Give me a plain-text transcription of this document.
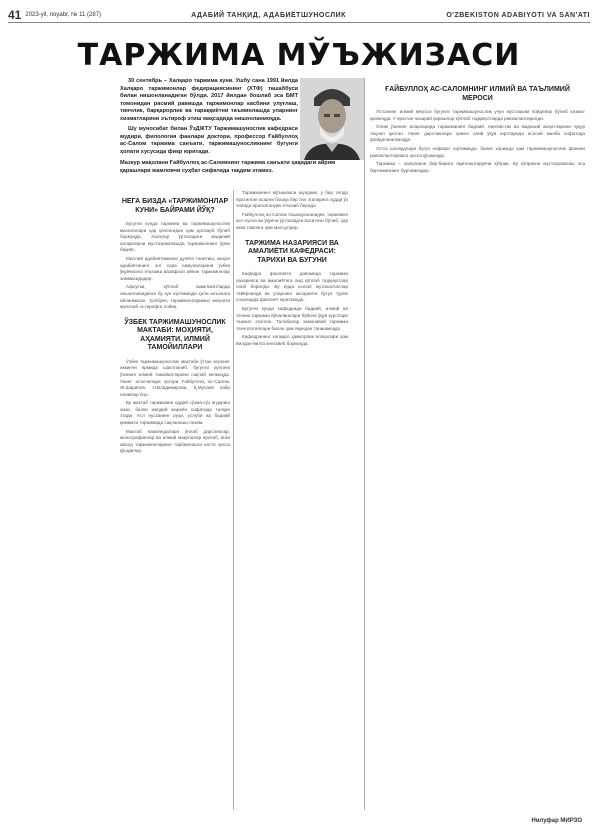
41 2023-yil, noyabr, № 11 (287)	АДАБИЙ ТАНҚИД, АДАБИЁТШУНОСЛИК	O'ZBEKISTON ADABIYOTI VA SAN'ATI
ТАРЖИМА МЎЪЖИЗАСИ

30 сентябрь – Халқаро таржима куни. Ушбу сана 1991 йилда Халқаро таржимонлар федерациясининг (ХТФ) ташаббуси билан нишонланадиган бўлди. 2017 йилдан бошлаб эса БМТ томонидан расмий равишда таржимонлар касбини улуғлаш, тинчлик, барқарорлик ва тараққиётни таъминлашда уларнинг хизматларини эътироф этиш мақсадида нишонланмоқда.

Шу муносабат билан ЎзДЖТУ Таржимашунослик кафедраси мудири, филология фанлари доктори, профессор Ғайбуллоҳ ас-Салом таржима санъати, таржимашуносликнинг бугунги ҳолати хусусида фикр юритади.

Мазкур мақолани Ғайбуллоҳ ас-Саломнинг таржима санъати ҳақидаги айрим қарашлари жамловчи суҳбат сифатида тақдим этамиз.
НЕГА БИЗДА «ТАРЖИМОНЛАР КУНИ» БАЙРАМИ ЙЎҚ?

Бугунги кунда таржима ва таржимашунослик масалалари ҳар қачонгидан ҳам долзарб бўлиб бормоқда. Халқлар ўртасидаги маданий алоқаларни мустаҳкамлашда таржимоннинг ўрни беқиёс.

Миллий адабиётимизни дунёга танитиш, жаҳон адабиётининг энг сара намуналарини ўзбек ўқувчисига етказиш вазифаси айнан таржимонлар зиммасидадир.

Афсуски, кўплаб мамлакатларда нишонланадиган бу кун юртимизда ҳали анъанага айланмаган. Ҳолбуки, таржимонларимиз меҳнати муносиб эътирофга лойиқ.

ЎЗБЕК ТАРЖИМАШУНОСЛИК МАКТАБИ: МОҲИЯТИ, АҲАМИЯТИ, ИЛМИЙ ТАМОЙИЛЛАРИ

Ўзбек таржимашунослик мактаби ўтган асрнинг иккинчи ярмида шаклланиб, бугунги кунгача ўзининг илмий тамойилларини сақлаб келмоқда. Унинг асосчилари қатори Ғайбуллоҳ ас-Салом, Ж.Шарипов, Н.Владимирова, Қ.Мусаев каби олимлар бор.

Бу мактаб таржимани оддий сўзма-сўз ағдариш эмас, балки ижодий жараён сифатида талқин этади. Асл нусханинг руҳи, услуби ва бадиий қиммати таржимада сақланиши лозим.

Мактаб намояндалари ўнлаб дарсликлар, монографиялар ва илмий мақолалар яратиб, янги авлод таржимонларини тарбиялашга катта ҳисса қўшдилар.

Таржиманинг мўъжизаси шундаки, у бир тилда яратилган асарни бошқа бир тил эгаларига худди ўз тилида яратилгандек етказиб беради.

Ғайбуллоҳ ас-Салом таъкидлаганидек, таржимон асл нусха ва ўқувчи ўртасидаги воситачи бўлиб, ҳар икки томонга ҳам масъулдир.

ТАРЖИМА НАЗАРИЯСИ ВА АМАЛИЁТИ КАФЕДРАСИ: ТАРИХИ ВА БУГУНИ

Кафедра фаолияти давомида таржима назарияси ва амалиётига оид кўплаб тадқиқотлар олиб борилди. Бу ерда юзлаб мутахассислар тайёрланди ва уларнинг аксарияти бугун турли соҳаларда фаолият юритмоқда.

Бугунги кунда кафедрада бадиий, илмий ва техник таржима йўналишлари бўйича ўқув курслари ташкил этилган. Талабалар замонавий таржима технологиялари билан ҳам яқиндан танишмоқда.

Кафедранинг халқаро ҳамкорлик алоқалари ҳам йилдан-йилга кенгайиб бормоқда.

ҒАЙБУЛЛОҲ АС-САЛОМНИНГ ИЛМИЙ ВА ТАЪЛИМИЙ МЕРОСИ

Устознинг илмий мероси бугунги таржимашунослик учун мустаҳкам пойдевор бўлиб хизмат қилмоқда. У яратган назарий қарашлар кўплаб тадқиқотларда ривожлантирилди.

Олим ўзининг асарларида таржиманинг бадиий, лингвистик ва маданий жиҳатларини чуқур таҳлил қилган. Унинг дарсликлари ҳамон олий ўқув юртларида асосий манба сифатида фойдаланилмоқда.

Устоз шогирдлари бугун нафақат юртимизда, балки хорижда ҳам таржимашунослик фанини ривожлантиришга ҳисса қўшмоқда.

Таржима – халқларни бир-бирига яқинлаштирувчи кўприк. Бу кўприкни мустаҳкамлаш эса барчамизнинг бурчимиздир.

Нилуфар МИРЗО
